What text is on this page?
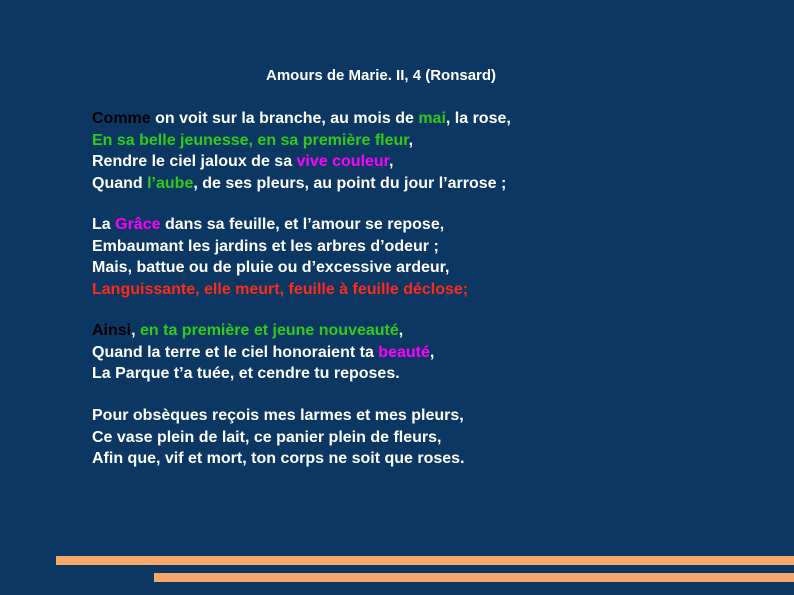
Amours de Marie. II, 4 (Ronsard)
Comme on voit sur la branche, au mois de mai, la rose,
En sa belle jeunesse, en sa première fleur,
Rendre le ciel jaloux de sa vive couleur,
Quand l’aube, de ses pleurs, au point du jour l’arrose ;
La Grâce dans sa feuille, et l’amour se repose,
Embaumant les jardins et les arbres d’odeur ;
Mais, battue ou de pluie ou d’excessive ardeur,
Languissante, elle meurt, feuille à feuille déclose;
Ainsi, en ta première et jeune nouveauté,
Quand la terre et le ciel honoraient ta beauté,
La Parque t’a tuée, et cendre tu reposes.
Pour obsèques reçois mes larmes et mes pleurs,
Ce vase plein de lait, ce panier plein de fleurs,
Afin que, vif et mort, ton corps ne soit que roses.
